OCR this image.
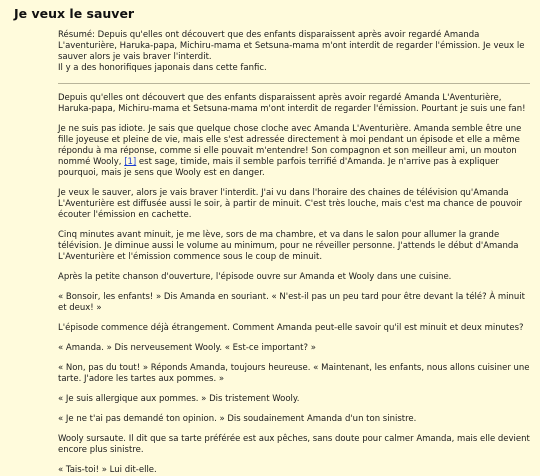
Je veux le sauver

Résumé: Depuis qu'elles ont découvert que des enfants disparaissent après avoir regardé Amanda L'aventurière, Haruka-papa, Michiru-mama et Setsuna-mama m'ont interdit de regarder l'émission. Je veux le sauver alors je vais braver l'interdit.

Il y a des honorifiques japonais dans cette fanfic.

Depuis qu'elles ont découvert que des enfants disparaissent après avoir regardé Amanda L'Aventurière, Haruka-papa, Michiru-mama et Setsuna-mama m'ont interdit de regarder l'émission. Pourtant je suis une fan!

Je ne suis pas idiote. Je sais que quelque chose cloche avec Amanda L'Aventurière. Amanda semble être une fille joyeuse et pleine de vie, mais elle s'est adressée directement à moi pendant un épisode et elle a même répondu à ma réponse, comme si elle pouvait m'entendre! Son compagnon et son meilleur ami, un mouton nommé Wooly, [1] est sage, timide, mais il semble parfois terrifié d'Amanda. Je n'arrive pas à expliquer pourquoi, mais je sens que Wooly est en danger.

Je veux le sauver, alors je vais braver l'interdit. J'ai vu dans l'horaire des chaines de télévision qu'Amanda L'Aventurière est diffusée aussi le soir, à partir de minuit. C'est très louche, mais c'est ma chance de pouvoir écouter l'émission en cachette.

Cinq minutes avant minuit, je me lève, sors de ma chambre, et va dans le salon pour allumer la grande télévision. Je diminue aussi le volume au minimum, pour ne réveiller personne. J'attends le début d'Amanda L'Aventurière et l'émission commence sous le coup de minuit.

Après la petite chanson d'ouverture, l'épisode ouvre sur Amanda et Wooly dans une cuisine.

« Bonsoir, les enfants! » Dis Amanda en souriant. « N'est-il pas un peu tard pour être devant la télé? À minuit et deux! »

L'épisode commence déjà étrangement. Comment Amanda peut-elle savoir qu'il est minuit et deux minutes?

« Amanda. » Dis nerveusement Wooly. « Est-ce important? »

« Non, pas du tout! » Réponds Amanda, toujours heureuse. « Maintenant, les enfants, nous allons cuisiner une tarte. J'adore les tartes aux pommes. »

« Je suis allergique aux pommes. » Dis tristement Wooly.

« Je ne t'ai pas demandé ton opinion. » Dis soudainement Amanda d'un ton sinistre.

Wooly sursaute. Il dit que sa tarte préférée est aux pêches, sans doute pour calmer Amanda, mais elle devient encore plus sinistre.

« Tais-toi! » Lui dit-elle.
